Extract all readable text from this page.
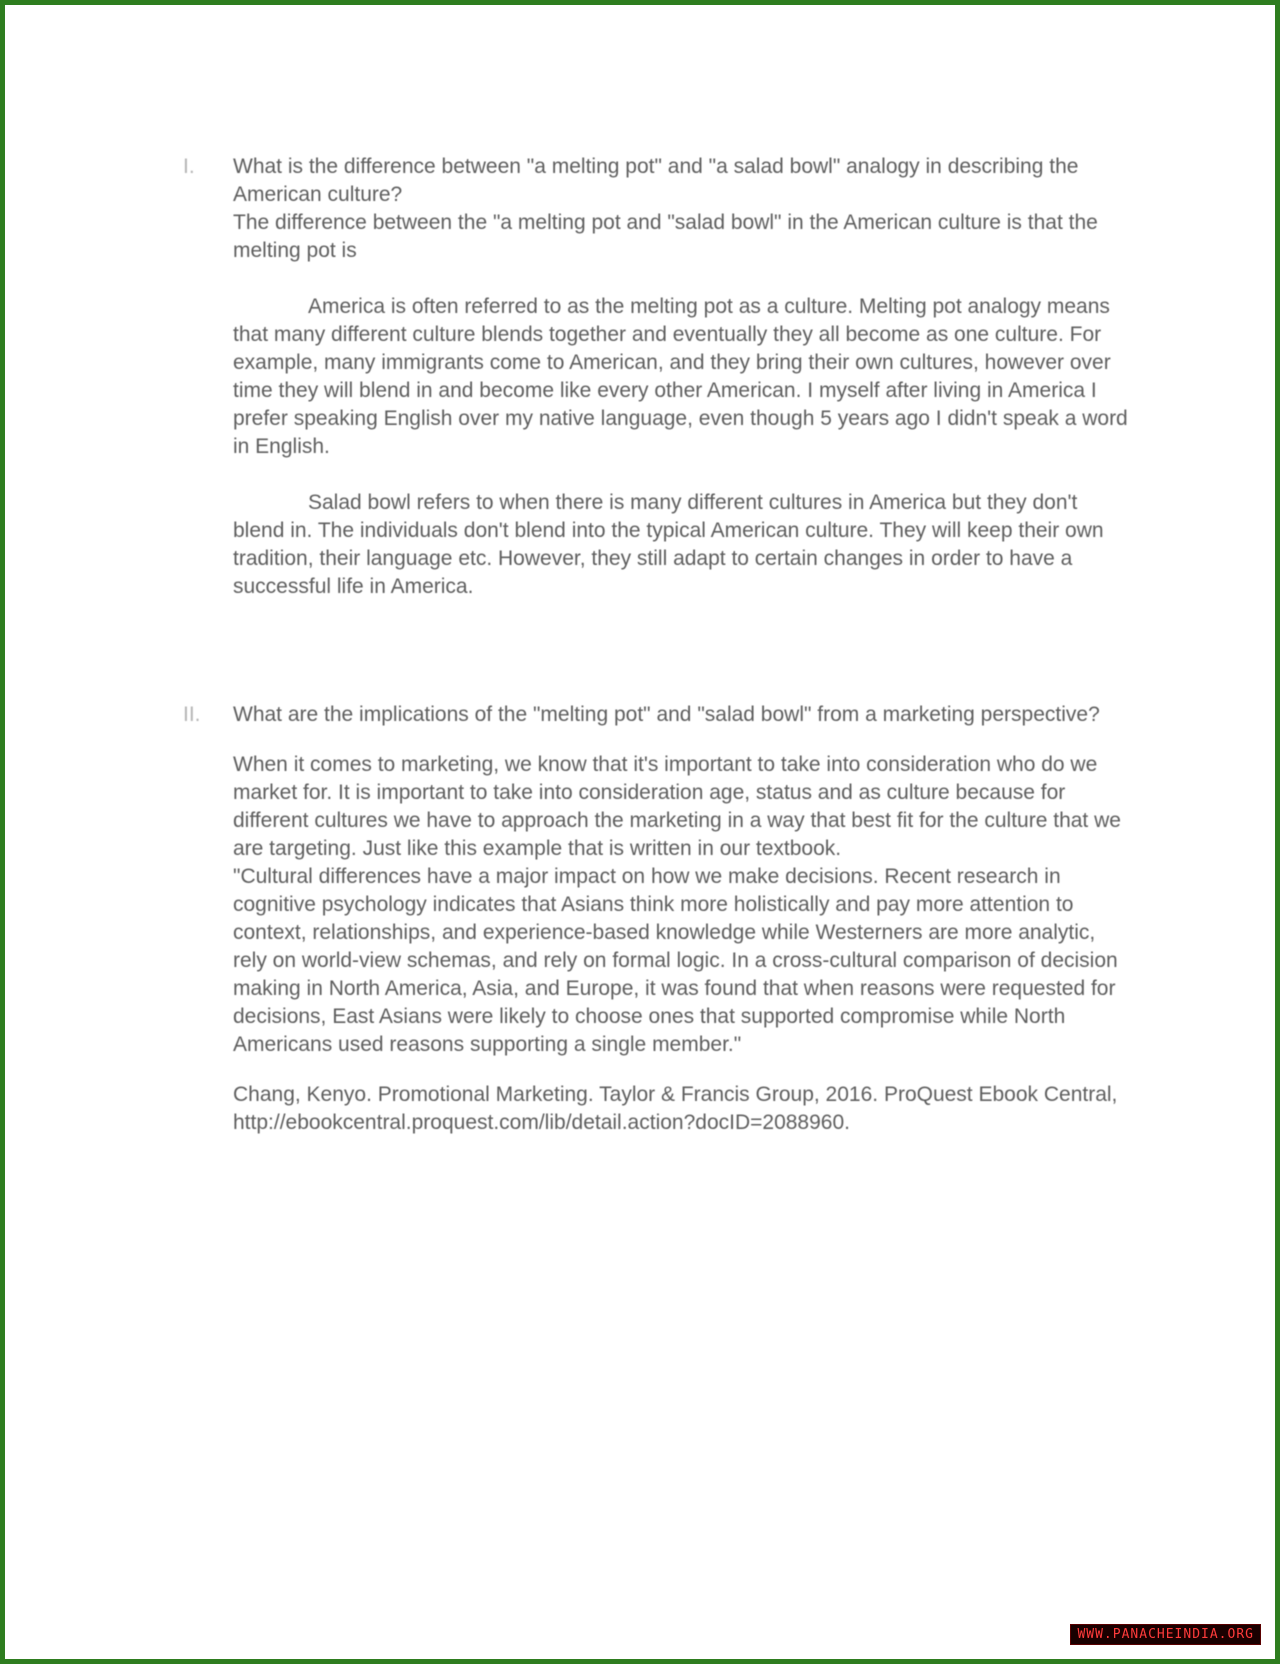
I.	What is the difference between "a melting pot" and "a salad bowl" analogy in describing the American culture?

The difference between the "a melting pot and "salad bowl" in the American culture is that the melting pot is

America is often referred to as the melting pot as a culture. Melting pot analogy means that many different culture blends together and eventually they all become as one culture. For example, many immigrants come to American, and they bring their own cultures, however over time they will blend in and become like every other American. I myself after living in America I prefer speaking English over my native language, even though 5 years ago I didn't speak a word in English.

Salad bowl refers to when there is many different cultures in America but they don't blend in. The individuals don't blend into the typical American culture. They will keep their own tradition, their language etc. However, they still adapt to certain changes in order to have a successful life in America.

II.	What are the implications of the "melting pot" and "salad bowl" from a marketing perspective?

When it comes to marketing, we know that it's important to take into consideration who do we market for. It is important to take into consideration age, status and as culture because for different cultures we have to approach the marketing in a way that best fit for the culture that we are targeting. Just like this example that is written in our textbook.

"Cultural differences have a major impact on how we make decisions. Recent research in cognitive psychology indicates that Asians think more holistically and pay more attention to context, relationships, and experience-based knowledge while Westerners are more analytic, rely on world-view schemas, and rely on formal logic. In a cross-cultural comparison of decision making in North America, Asia, and Europe, it was found that when reasons were requested for decisions, East Asians were likely to choose ones that supported compromise while North Americans used reasons supporting a single member."

Chang, Kenyo. Promotional Marketing. Taylor & Francis Group, 2016. ProQuest Ebook Central, http://ebookcentral.proquest.com/lib/detail.action?docID=2088960.

WWW.PANACHEINDIA.ORG
